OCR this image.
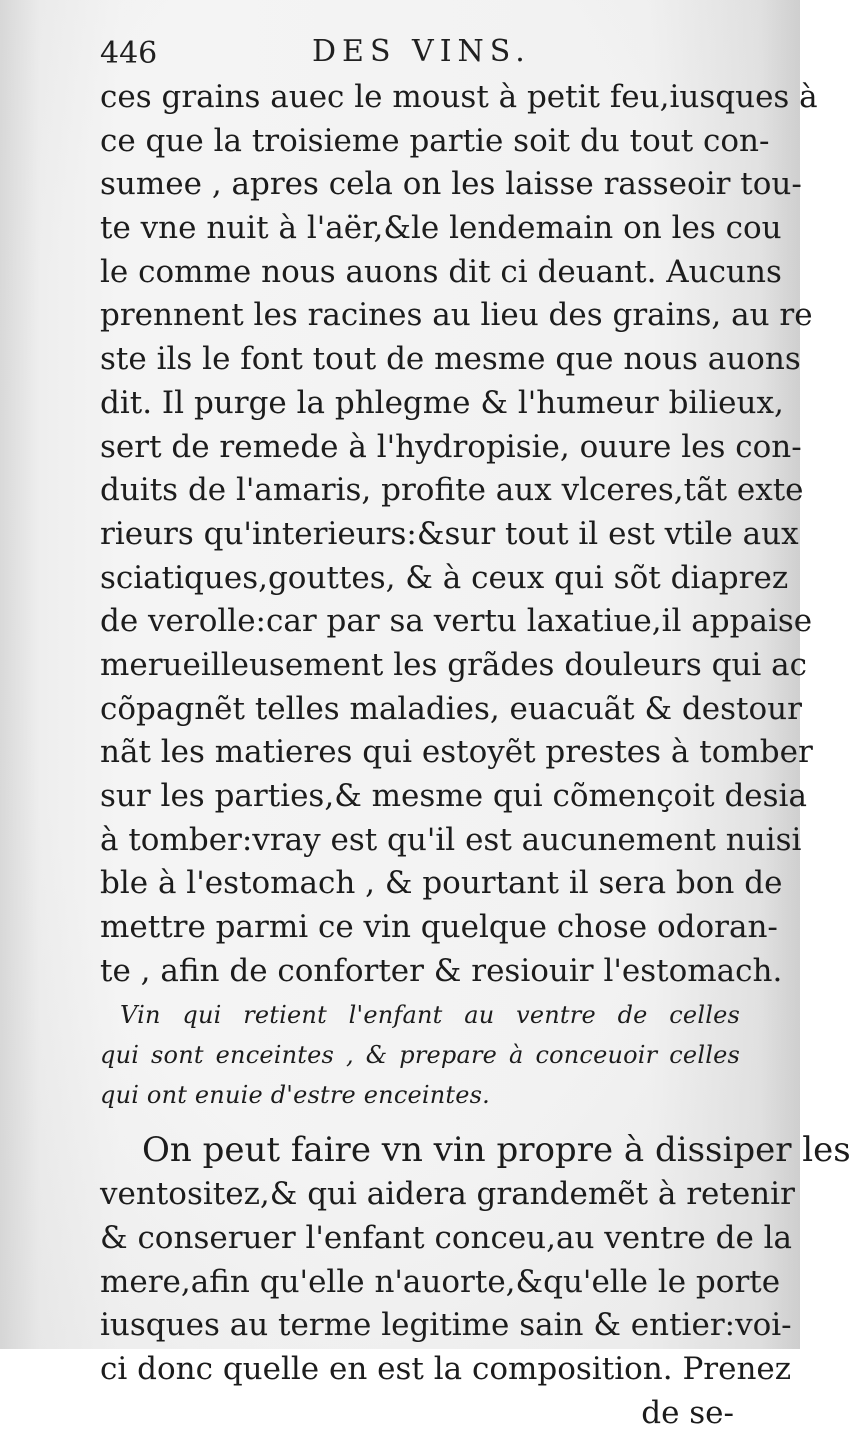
446	DES VINS.
ces grains auec le moust à petit feu,iusques à
ce que la troisieme partie soit du tout con-
sumee , apres cela on les laisse rasseoir tou-
te vne nuit à l'aër,&le lendemain on les cou
le comme nous auons dit ci deuant. Aucuns
prennent les racines au lieu des grains, au re
ste ils le font tout de mesme que nous auons
dit. Il purge la phlegme & l'humeur bilieux,
sert de remede à l'hydropisie, ouure les con-
duits de l'amaris, profite aux vlceres,tãt exte
rieurs qu'interieurs:&sur tout il est vtile aux
sciatiques,gouttes, & à ceux qui sõt diaprez
de verolle:car par sa vertu laxatiue,il appaise
merueilleusement les grãdes douleurs qui ac
cõpagnẽt telles maladies, euacuãt & destour
nãt les matieres qui estoyẽt prestes à tomber
sur les parties,& mesme qui cõmençoit desia
à tomber:vray est qu'il est aucunement nuisi
ble à l'estomach , & pourtant il sera bon de
mettre parmi ce vin quelque chose odoran-
te , afin de conforter & resiouir l'estomach.
Vin qui retient l'enfant au ventre de celles
qui sont enceintes , & prepare à conceuoir celles
qui ont enuie d'estre enceintes.
On peut faire vn vin propre à dissiper les
ventositez,& qui aidera grandemẽt à retenir
& conseruer l'enfant conceu,au ventre de la
mere,afin qu'elle n'auorte,&qu'elle le porte
iusques au terme legitime sain & entier:voi-
ci donc quelle en est la composition. Prenez
de se-
